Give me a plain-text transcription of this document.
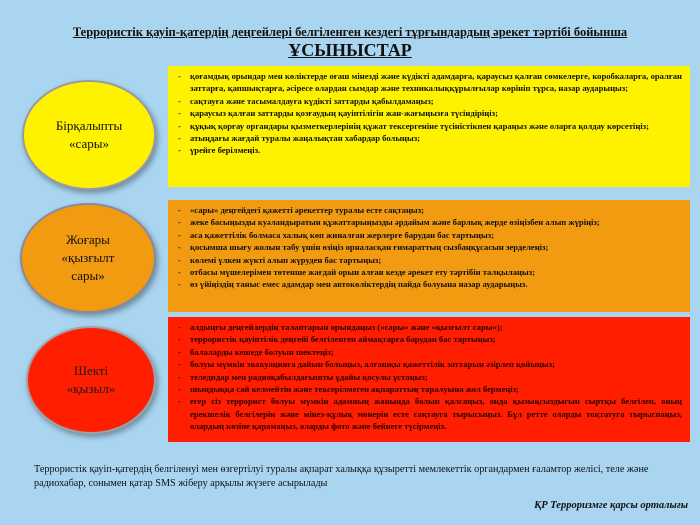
Террористік қауіп-қатердің деңгейлері белгіленген кездегі тұрғындардың әрекет тәртібі бойынша
ҰСЫНЫСТАР
Бірқалыпты
«сары»
- қоғамдық орындар мен көліктерде оғаш мінезді және күдікті адамдарға, қараусыз қалған сөмкелерге, коробкаларға, оралған заттарға, қапшықтарға, әсіресе олардан сымдар және техникалыққұрылғылар көрініп тұрса, назар аударыңыз;
- сақтауға және тасымалдауға күдікті заттарды қабылдамаңыз;
- қараусыз қалған заттарды қозғаудың қауіптілігін жан-жағыңызға түсіндіріңіз;
- құқық қорғау органдары қызметкерлерінің құжат тексергеніне түсіністікпен қараңыз және оларға қолдау көрсетіңіз;
- атыңдағы жағдай туралы жаңалықтан хабардар болыңыз;
- үрейге берілмеңіз.
Жоғары
«қызғылт
сары»
- «сары» деңгейдегі қажетті әрекеттер туралы есте сақтаңыз;
- жеке басыңызды куәландыратын құжаттарыңызды әрдайым және барлық жерде өзіңізбен алып жүріңіз;
- аса қажеттілік болмаса халық көп жиналған жерлерге барудан бас тартыңыз;
- қосымша шығу жолын табу үшін өзіңіз орналасқан ғимараттың сызбаңқұсасын зерделеңіз;
- көлемі үлкен жүкті алып жүруден бас тартыңыз;
- отбасы мүшелерімен төтенше жағдай орын алған кезде әрекет ету тәртібін талқылаңыз;
- өз үйіңіздің таныс емес адамдар мен автокөліктердің пайда болуына назар аударыңыз.
Шекті
«қызыл»
- алдыңғы деңгейлердің талаптарын орындаңыз («сары» және «қызғылт сары»);
- террористік қауіптілік деңгейі белгіленген аймақтарға барудан бас тартыңыз;
- балаларды кешеде болуын шектеңіз;
- болуы мүмкін эвакуацияға дайын болыңыз, алғашқы қажеттілік заттарын әзірлеп қойыңыз;
- теледидар мен радиоқабылдағышты ұдайы қосулы ұстаңыз;
- шыңдыққа сай келмейтін және тексерілмеген ақпараттың таралуына жол бермеңіз;
- егер сіз террорист болуы мүмкін адамның жанында болып қалсаңыз, онда қызықсыздығын сыртқы белгілеп, оның ерекшелік белгілерін және мінез-құлық мөнерін есте сақтауға тырысыңыз. Бұл ретте оларды тоқтатуға тырыспаңыз, олардың көзіне қарамаңыз, оларды фото және бейнеге түсірмеңіз.
Террористік қауіп-қатердің белгіленуі мен өзгертілуі туралы ақпарат халыққа құзыретті мемлекеттік органдармен ғаламтор желісі, теле және радиохабар, сонымен қатар SMS жіберу арқылы жүзеге асырылады
ҚР Терроризмге қарсы орталығы
